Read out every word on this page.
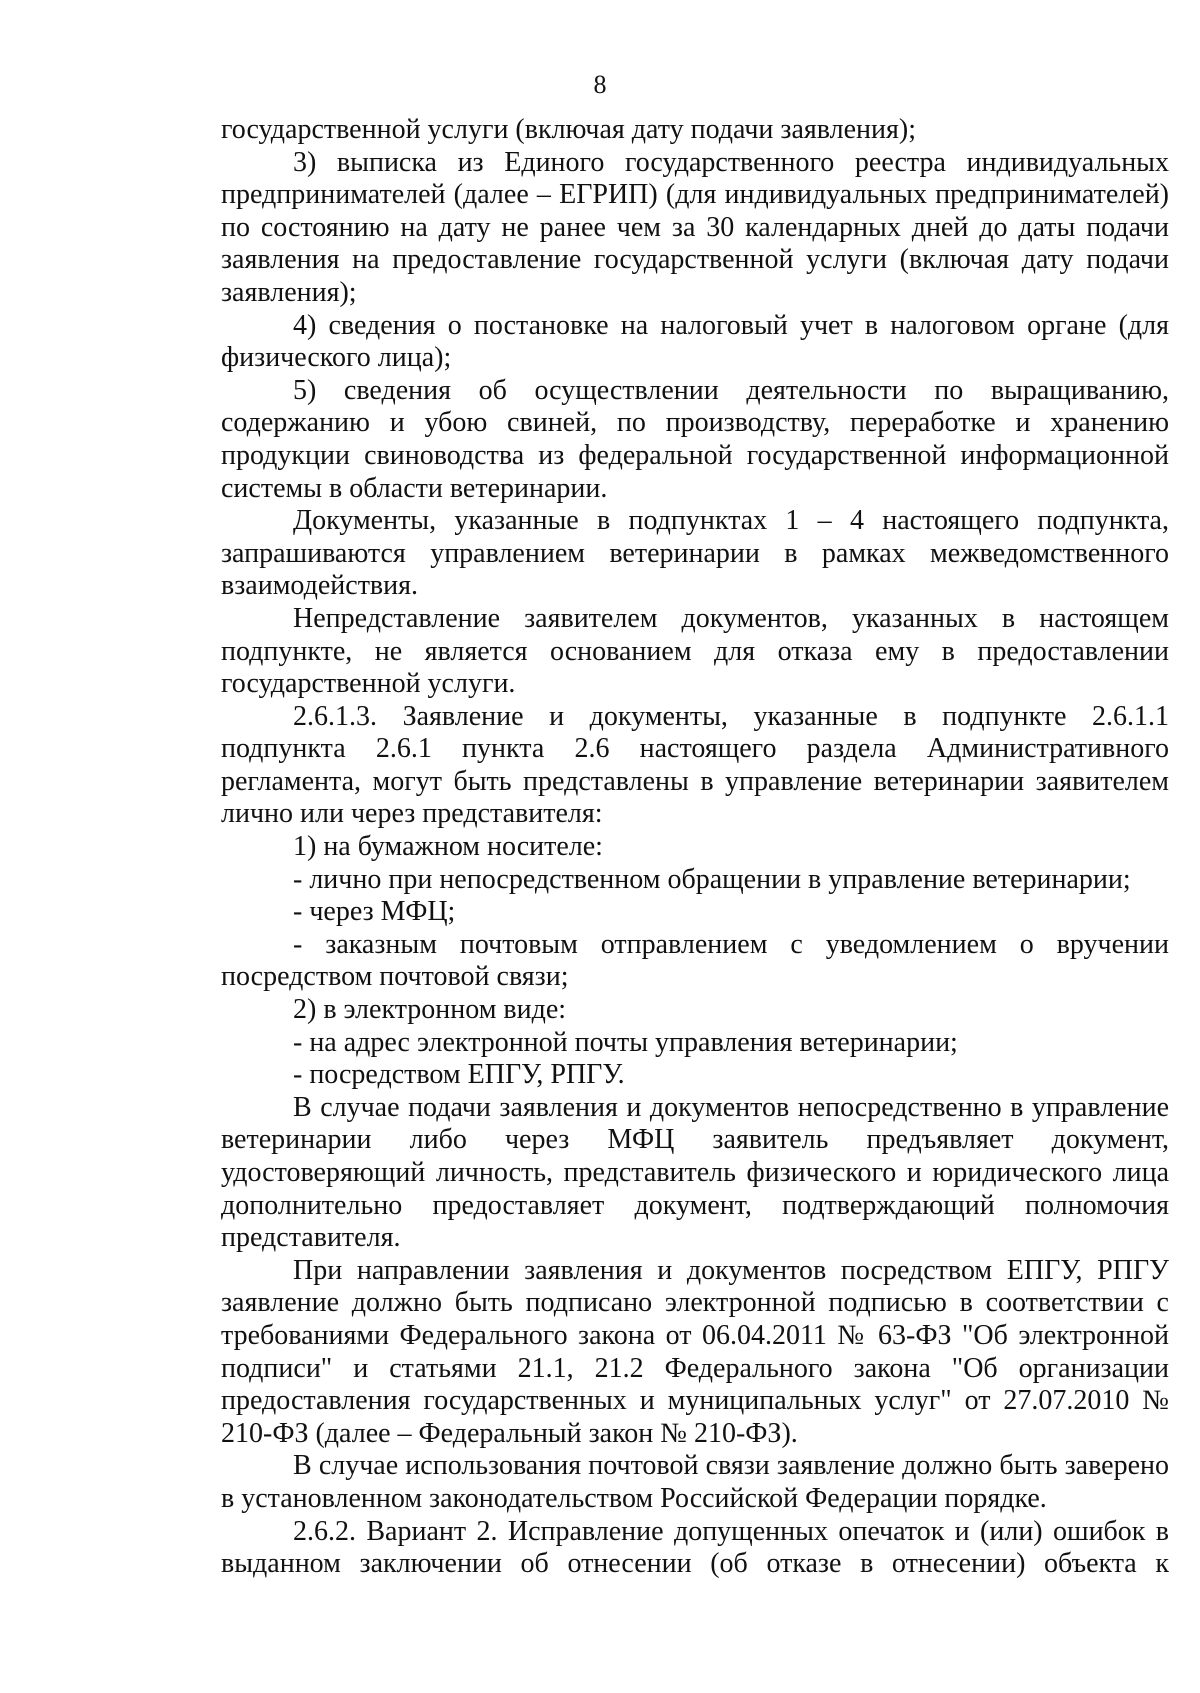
8

государственной услуги (включая дату подачи заявления);

3) выписка из Единого государственного реестра индивидуальных предпринимателей (далее – ЕГРИП) (для индивидуальных предпринимателей) по состоянию на дату не ранее чем за 30 календарных дней до даты подачи заявления на предоставление государственной услуги (включая дату подачи заявления);

4) сведения о постановке на налоговый учет в налоговом органе (для физического лица);

5) сведения об осуществлении деятельности по выращиванию, содержанию и убою свиней, по производству, переработке и хранению продукции свиноводства из федеральной государственной информационной системы в области ветеринарии.

Документы, указанные в подпунктах 1 – 4 настоящего подпункта, запрашиваются управлением ветеринарии в рамках межведомственного взаимодействия.

Непредставление заявителем документов, указанных в настоящем подпункте, не является основанием для отказа ему в предоставлении государственной услуги.

2.6.1.3. Заявление и документы, указанные в подпункте 2.6.1.1 подпункта 2.6.1 пункта 2.6 настоящего раздела Административного регламента, могут быть представлены в управление ветеринарии заявителем лично или через представителя:

1) на бумажном носителе:

- лично при непосредственном обращении в управление ветеринарии;

- через МФЦ;

- заказным почтовым отправлением с уведомлением о вручении посредством почтовой связи;

2) в электронном виде:

- на адрес электронной почты управления ветеринарии;

- посредством ЕПГУ, РПГУ.

В случае подачи заявления и документов непосредственно в управление ветеринарии либо через МФЦ заявитель предъявляет документ, удостоверяющий личность, представитель физического и юридического лица дополнительно предоставляет документ, подтверждающий полномочия представителя.

При направлении заявления и документов посредством ЕПГУ, РПГУ заявление должно быть подписано электронной подписью в соответствии с требованиями Федерального закона от 06.04.2011 № 63-ФЗ "Об электронной подписи" и статьями 21.1, 21.2 Федерального закона "Об организации предоставления государственных и муниципальных услуг" от 27.07.2010 № 210-ФЗ (далее – Федеральный закон № 210-ФЗ).

В случае использования почтовой связи заявление должно быть заверено в установленном законодательством Российской Федерации порядке.

2.6.2. Вариант 2. Исправление допущенных опечаток и (или) ошибок в выданном заключении об отнесении (об отказе в отнесении) объекта к
